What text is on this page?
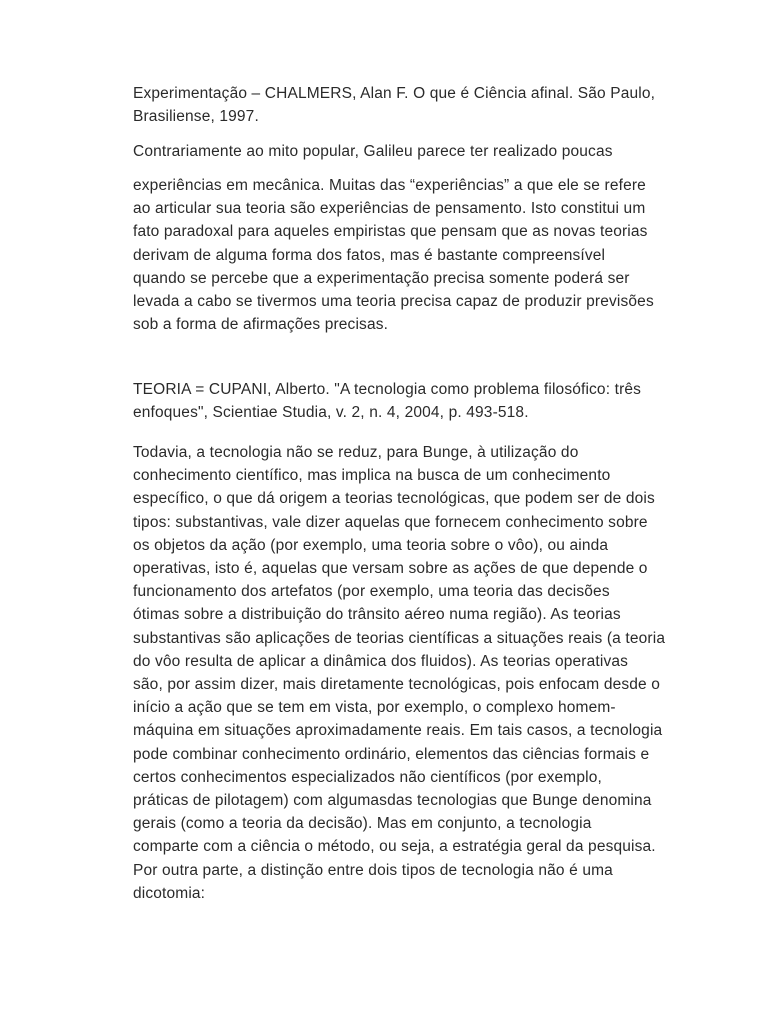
Experimentação – CHALMERS, Alan F. O que é Ciência afinal. São Paulo,
Brasiliense, 1997.
Contrariamente ao mito popular, Galileu parece ter realizado poucas
experiências em mecânica. Muitas das “experiências” a que ele se refere
ao articular sua teoria são experiências de pensamento. Isto constitui um
fato paradoxal para aqueles empiristas que pensam que as novas teorias
derivam de alguma forma dos fatos, mas é bastante compreensível
quando se percebe que a experimentação precisa somente poderá ser
levada a cabo se tivermos uma teoria precisa capaz de produzir previsões
sob a forma de afirmações precisas.
TEORIA = CUPANI, Alberto. "A tecnologia como problema filosófico: três
enfoques", Scientiae Studia, v. 2, n. 4, 2004, p. 493-518.
Todavia, a tecnologia não se reduz, para Bunge, à utilização do
conhecimento científico, mas implica na busca de um conhecimento
específico, o que dá origem a teorias tecnológicas, que podem ser de dois
tipos: substantivas, vale dizer aquelas que fornecem conhecimento sobre
os objetos da ação (por exemplo, uma teoria sobre o vôo), ou ainda
operativas, isto é, aquelas que versam sobre as ações de que depende o
funcionamento dos artefatos (por exemplo, uma teoria das decisões
ótimas sobre a distribuição do trânsito aéreo numa região). As teorias
substantivas são aplicações de teorias científicas a situações reais (a teoria
do vôo resulta de aplicar a dinâmica dos fluidos). As teorias operativas
são, por assim dizer, mais diretamente tecnológicas, pois enfocam desde o
início a ação que se tem em vista, por exemplo, o complexo homem-
máquina em situações aproximadamente reais. Em tais casos, a tecnologia
pode combinar conhecimento ordinário, elementos das ciências formais e
certos conhecimentos especializados não científicos (por exemplo,
práticas de pilotagem) com algumasdas tecnologias que Bunge denomina
gerais (como a teoria da decisão). Mas em conjunto, a tecnologia
comparte com a ciência o método, ou seja, a estratégia geral da pesquisa.
Por outra parte, a distinção entre dois tipos de tecnologia não é uma
dicotomia:
